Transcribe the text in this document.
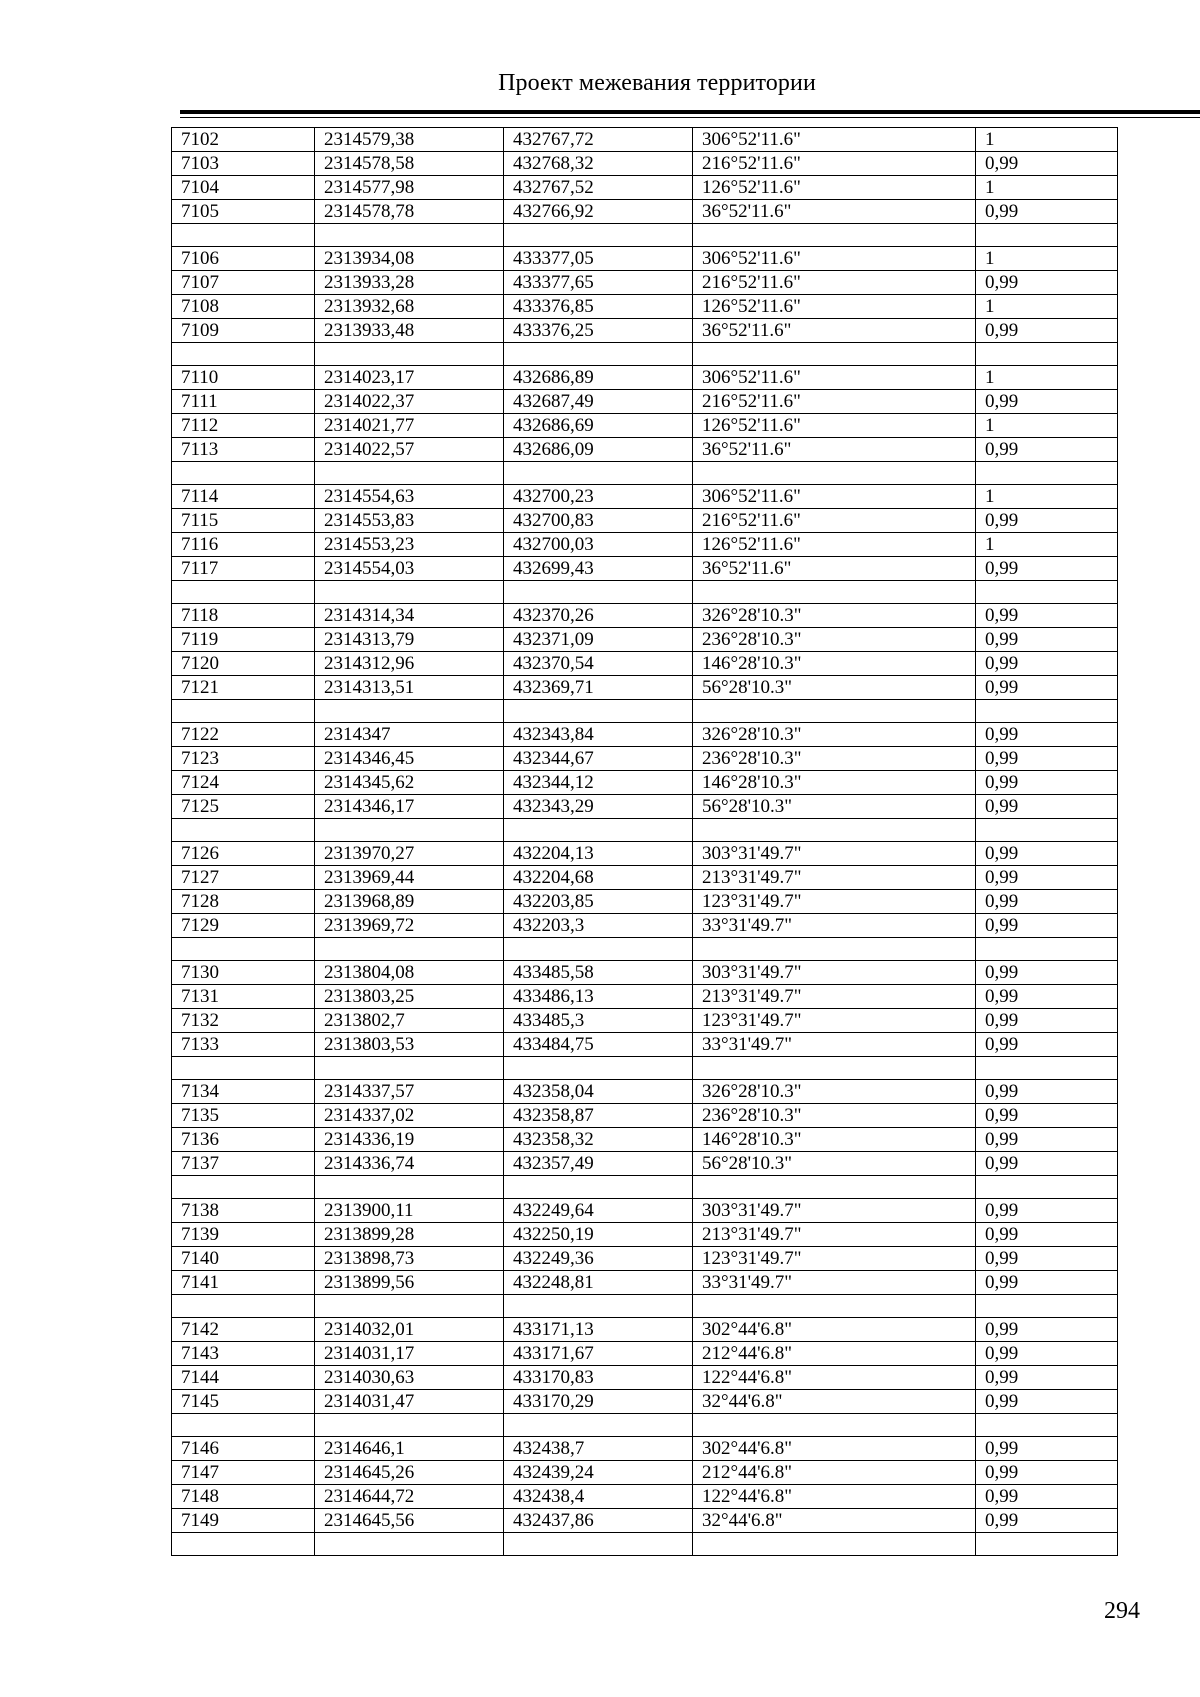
Проект межевания территории
7102	2314579,38	432767,72	306°52'11.6"	1
7103	2314578,58	432768,32	216°52'11.6"	0,99
7104	2314577,98	432767,52	126°52'11.6"	1
7105	2314578,78	432766,92	36°52'11.6"	0,99

7106	2313934,08	433377,05	306°52'11.6"	1
7107	2313933,28	433377,65	216°52'11.6"	0,99
7108	2313932,68	433376,85	126°52'11.6"	1
7109	2313933,48	433376,25	36°52'11.6"	0,99

7110	2314023,17	432686,89	306°52'11.6"	1
7111	2314022,37	432687,49	216°52'11.6"	0,99
7112	2314021,77	432686,69	126°52'11.6"	1
7113	2314022,57	432686,09	36°52'11.6"	0,99

7114	2314554,63	432700,23	306°52'11.6"	1
7115	2314553,83	432700,83	216°52'11.6"	0,99
7116	2314553,23	432700,03	126°52'11.6"	1
7117	2314554,03	432699,43	36°52'11.6"	0,99

7118	2314314,34	432370,26	326°28'10.3"	0,99
7119	2314313,79	432371,09	236°28'10.3"	0,99
7120	2314312,96	432370,54	146°28'10.3"	0,99
7121	2314313,51	432369,71	56°28'10.3"	0,99

7122	2314347	432343,84	326°28'10.3"	0,99
7123	2314346,45	432344,67	236°28'10.3"	0,99
7124	2314345,62	432344,12	146°28'10.3"	0,99
7125	2314346,17	432343,29	56°28'10.3"	0,99

7126	2313970,27	432204,13	303°31'49.7"	0,99
7127	2313969,44	432204,68	213°31'49.7"	0,99
7128	2313968,89	432203,85	123°31'49.7"	0,99
7129	2313969,72	432203,3	33°31'49.7"	0,99

7130	2313804,08	433485,58	303°31'49.7"	0,99
7131	2313803,25	433486,13	213°31'49.7"	0,99
7132	2313802,7	433485,3	123°31'49.7"	0,99
7133	2313803,53	433484,75	33°31'49.7"	0,99

7134	2314337,57	432358,04	326°28'10.3"	0,99
7135	2314337,02	432358,87	236°28'10.3"	0,99
7136	2314336,19	432358,32	146°28'10.3"	0,99
7137	2314336,74	432357,49	56°28'10.3"	0,99

7138	2313900,11	432249,64	303°31'49.7"	0,99
7139	2313899,28	432250,19	213°31'49.7"	0,99
7140	2313898,73	432249,36	123°31'49.7"	0,99
7141	2313899,56	432248,81	33°31'49.7"	0,99

7142	2314032,01	433171,13	302°44'6.8"	0,99
7143	2314031,17	433171,67	212°44'6.8"	0,99
7144	2314030,63	433170,83	122°44'6.8"	0,99
7145	2314031,47	433170,29	32°44'6.8"	0,99

7146	2314646,1	432438,7	302°44'6.8"	0,99
7147	2314645,26	432439,24	212°44'6.8"	0,99
7148	2314644,72	432438,4	122°44'6.8"	0,99
7149	2314645,56	432437,86	32°44'6.8"	0,99

294
